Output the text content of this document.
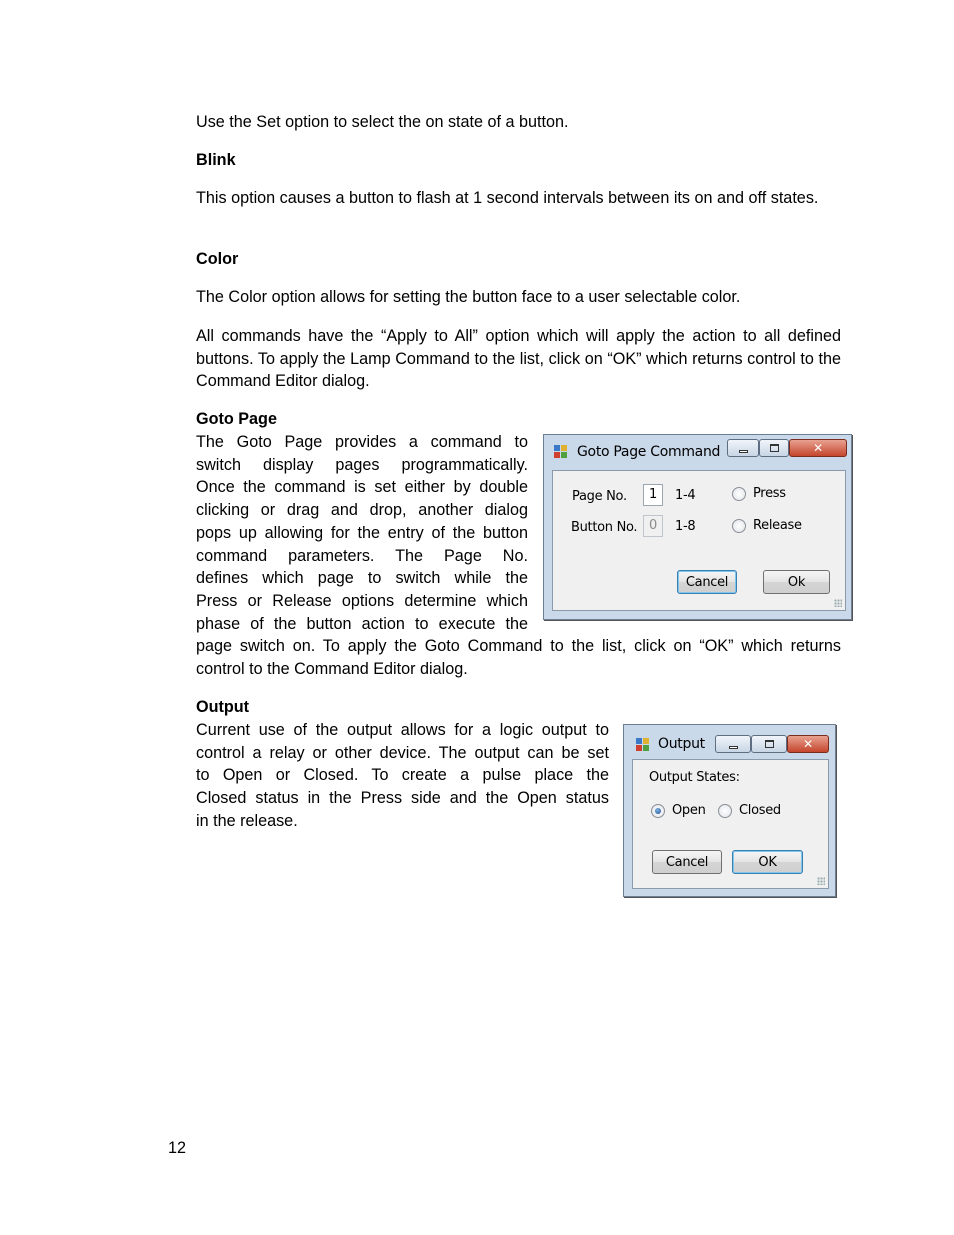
Use the Set option to select the on state of a button.

Blink

This option causes a button to flash at 1 second intervals between its on and off states.

Color

The Color option allows for setting the button face to a user selectable color.

All commands have the “Apply to All” option which will apply the action to all defined buttons. To apply the Lamp Command to the list, click on “OK” which returns control to the Command Editor dialog.

Goto Page

The Goto Page provides a command to
switch display pages programmatically.
Once the command is set either by double
clicking or drag and drop, another dialog
pops up allowing for the entry of the button
command parameters. The Page No.
defines which page to switch while the
Press or Release options determine which
phase of the button action to execute the

page switch on. To apply the Goto Command to the list, click on “OK” which returns control to the Command Editor dialog.

Goto Page Command	✕
Page No.	1	1-4	Press
Button No. 0	1-8	Release
Cancel	Ok

Output

Current use of the output allows for a logic output to
control a relay or other device. The output can be set
to Open or Closed. To create a pulse place the
Closed status in the Press side and the Open status
in the release.
Output	✕
Output States:
Open	Closed
Cancel	OK
12
